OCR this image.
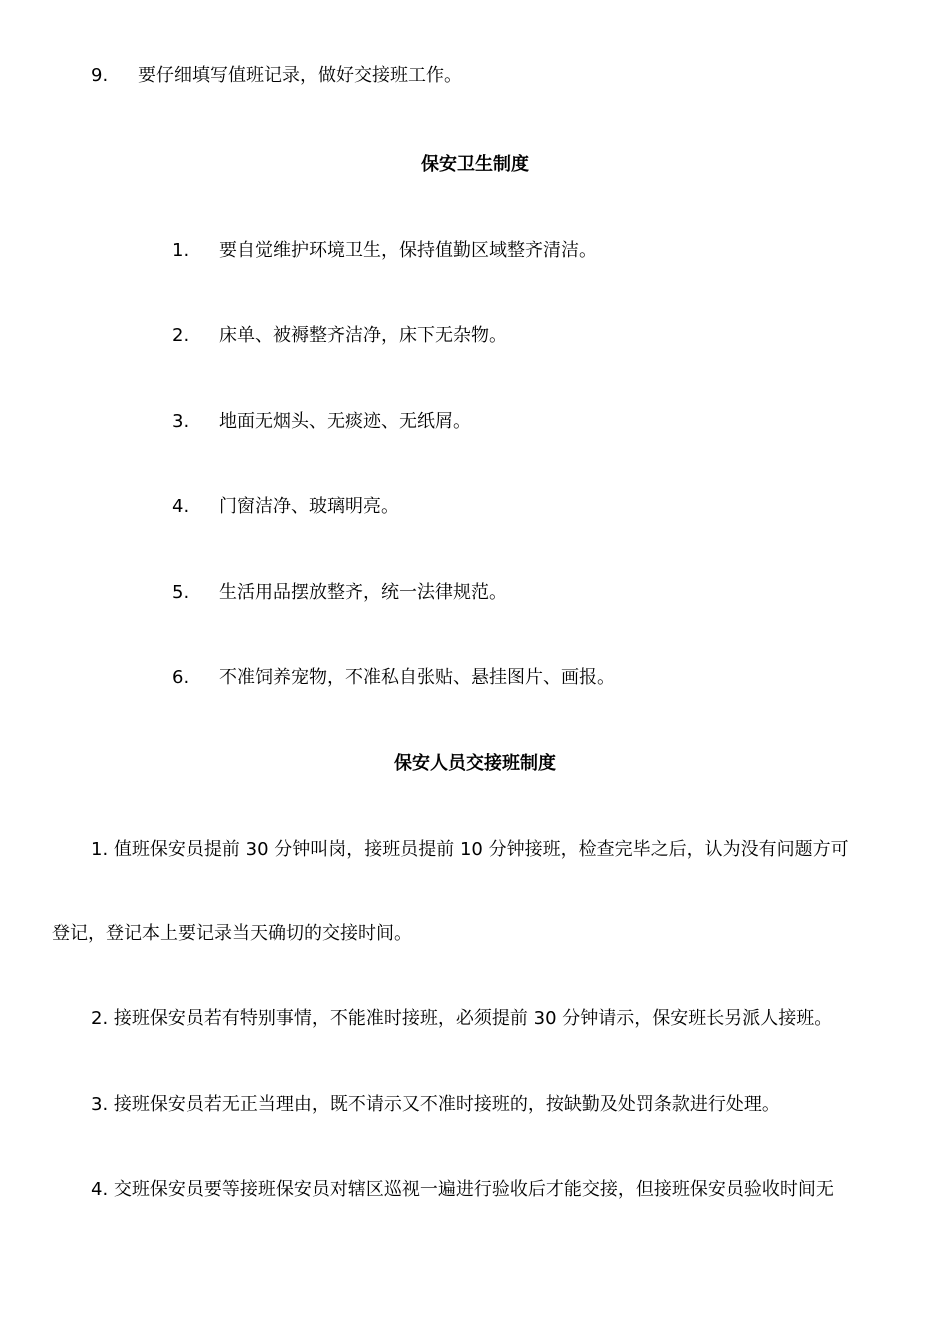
9. 要仔细填写值班记录，做好交接班工作。
保安卫生制度
1. 要自觉维护环境卫生，保持值勤区域整齐清洁。
2. 床单、被褥整齐洁净，床下无杂物。
3. 地面无烟头、无痰迹、无纸屑。
4. 门窗洁净、玻璃明亮。
5. 生活用品摆放整齐，统一法律规范。
6. 不准饲养宠物，不准私自张贴、悬挂图片、画报。
保安人员交接班制度
1. 值班保安员提前 30 分钟叫岗，接班员提前 10 分钟接班，检查完毕之后，认为没有问题方可
登记，登记本上要记录当天确切的交接时间。
2. 接班保安员若有特别事情，不能准时接班，必须提前 30 分钟请示，保安班长另派人接班。
3. 接班保安员若无正当理由，既不请示又不准时接班的，按缺勤及处罚条款进行处理。
4. 交班保安员要等接班保安员对辖区巡视一遍进行验收后才能交接，但接班保安员验收时间无
